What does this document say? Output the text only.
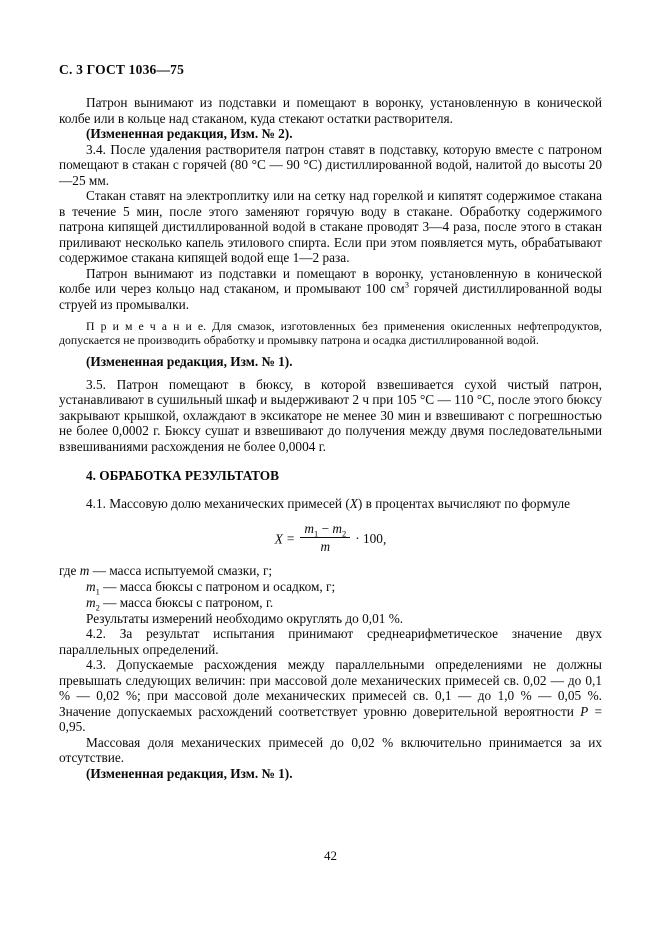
С. 3 ГОСТ 1036—75

Патрон вынимают из подставки и помещают в воронку, установленную в конической колбе или в кольце над стаканом, куда стекают остатки растворителя.

(Измененная редакция, Изм. № 2).

3.4. После удаления растворителя патрон ставят в подставку, которую вместе с патроном помещают в стакан с горячей (80 °С — 90 °С) дистиллированной водой, налитой до высоты 20—25 мм.

Стакан ставят на электроплитку или на сетку над горелкой и кипятят содержимое стакана в течение 5 мин, после этого заменяют горячую воду в стакане. Обработку содержимого патрона кипящей дистиллированной водой в стакане проводят 3—4 раза, после этого в стакан приливают несколько капель этилового спирта. Если при этом появляется муть, обрабатывают содержимое стакана кипящей водой еще 1—2 раза.

Патрон вынимают из подставки и помещают в воронку, установленную в конической колбе или через кольцо над стаканом, и промывают 100 $см^3$ горячей дистиллированной воды струей из промывалки.

П р и м е ч а н и е. Для смазок, изготовленных без применения окисленных нефтепродуктов, допускается не производить обработку и промывку патрона и осадка дистиллированной водой.

(Измененная редакция, Изм. № 1).

3.5. Патрон помещают в бюксу, в которой взвешивается сухой чистый патрон, устанавливают в сушильный шкаф и выдерживают 2 ч при 105 °С — 110 °С, после этого бюксу закрывают крышкой, охлаждают в эксикаторе не менее 30 мин и взвешивают с погрешностью не более 0,0002 г. Бюксу сушат и взвешивают до получения между двумя последовательными взвешиваниями расхождения не более 0,0004 г.

4. ОБРАБОТКА РЕЗУЛЬТАТОВ

4.1. Массовую долю механических примесей (X) в процентах вычисляют по формуле

$X = \frac{m_1 - m_2}{m} \cdot 100$,
где m — масса испытуемой смазки, г;
$m_1$ — масса бюксы с патроном и осадком, г;
$m_2$ — масса бюксы с патроном, г.

Результаты измерений необходимо округлять до 0,01 %.

4.2. За результат испытания принимают среднеарифметическое значение двух параллельных определений.

4.3. Допускаемые расхождения между параллельными определениями не должны превышать следующих величин: при массовой доле механических примесей св. 0,02 — до 0,1 % — 0,02 %; при массовой доле механических примесей св. 0,1 — до 1,0 % — 0,05 %. Значение допускаемых расхождений соответствует уровню доверительной вероятности P = 0,95.

Массовая доля механических примесей до 0,02 % включительно принимается за их отсутствие.

(Измененная редакция, Изм. № 1).

42
